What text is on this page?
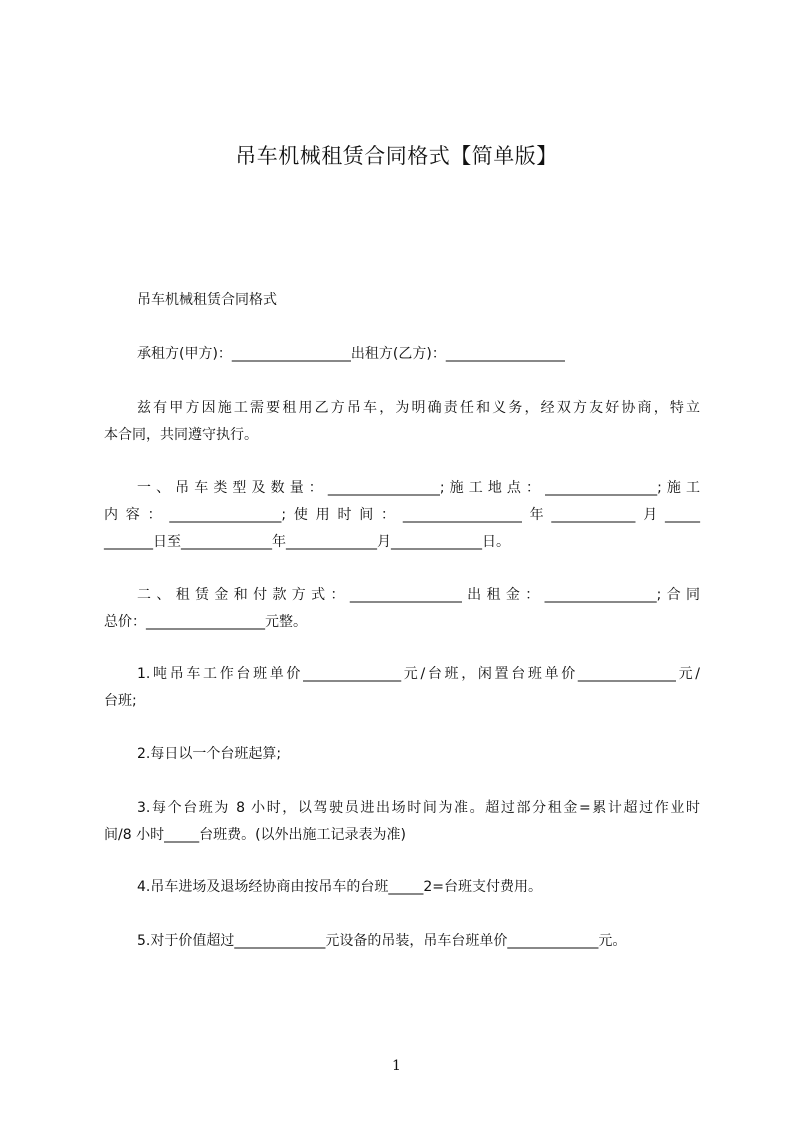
吊车机械租赁合同格式【简单版】
吊车机械租赁合同格式
承租方(甲方)：_________________出租方(乙方)：_________________
兹有甲方因施工需要租用乙方吊车，为明确责任和义务，经双方友好协商，特立
本合同，共同遵守执行。
一、吊车类型及数量：________________;施工地点：________________;施工
内容：________________;使用时间：_________________年____________月_____
_______日至_____________年_____________月_____________日。
二、租赁金和付款方式：________________出租金：________________;合同
总价：_________________元整。
1.吨吊车工作台班单价______________元/台班，闲置台班单价______________元/
台班;
2.每日以一个台班起算;
3.每个台班为 8 小时，以驾驶员进出场时间为准。超过部分租金=累计超过作业时
间/8 小时_____台班费。(以外出施工记录表为准)
4.吊车进场及退场经协商由按吊车的台班_____2=台班支付费用。
5.对于价值超过_____________元设备的吊装，吊车台班单价_____________元。
1
